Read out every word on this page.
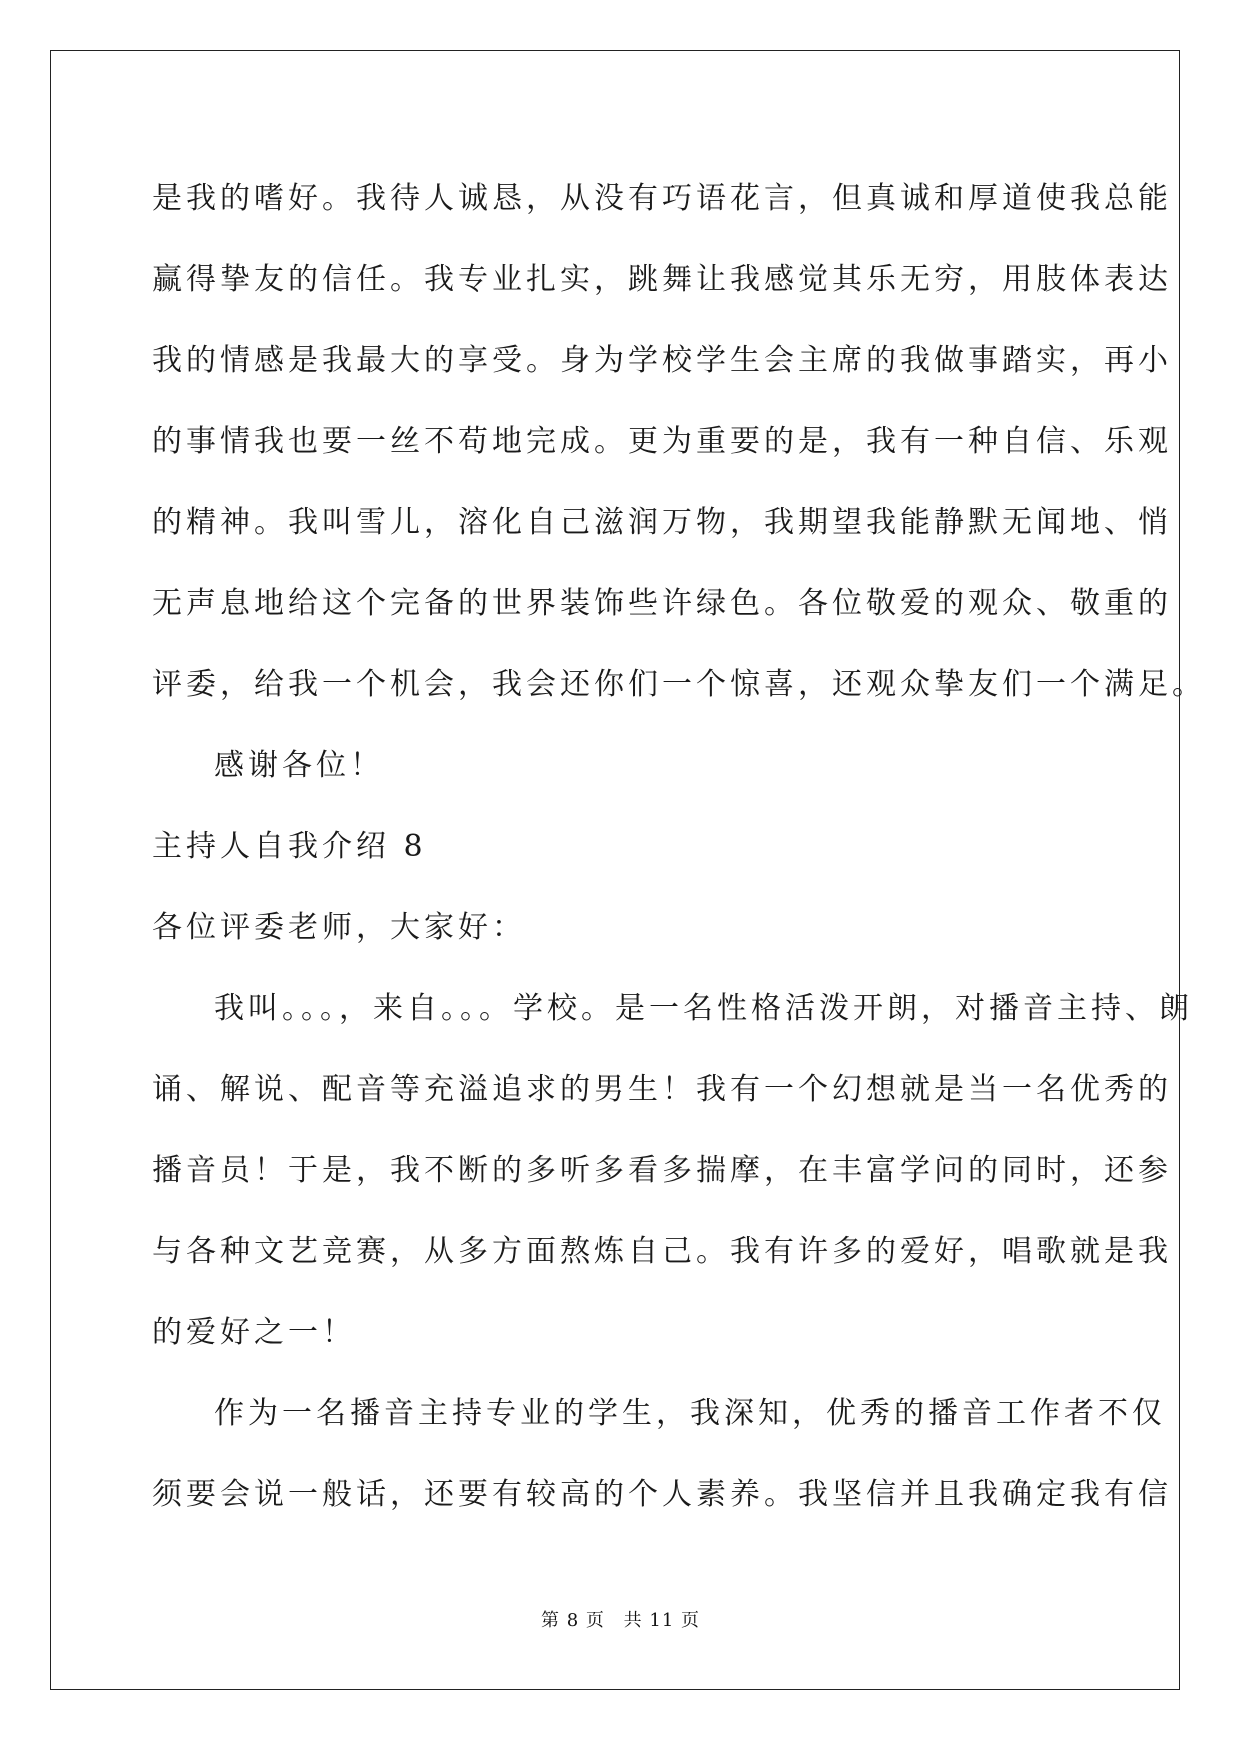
是我的嗜好。我待人诚恳，从没有巧语花言，但真诚和厚道使我总能
赢得挚友的信任。我专业扎实，跳舞让我感觉其乐无穷，用肢体表达
我的情感是我最大的享受。身为学校学生会主席的我做事踏实，再小
的事情我也要一丝不苟地完成。更为重要的是，我有一种自信、乐观
的精神。我叫雪儿，溶化自己滋润万物，我期望我能静默无闻地、悄
无声息地给这个完备的世界装饰些许绿色。各位敬爱的观众、敬重的
评委，给我一个机会，我会还你们一个惊喜，还观众挚友们一个满足。
感谢各位！
主持人自我介绍 8
各位评委老师，大家好：
我叫。。。，来自。。。学校。是一名性格活泼开朗，对播音主持、朗
诵、解说、配音等充溢追求的男生！我有一个幻想就是当一名优秀的
播音员！于是，我不断的多听多看多揣摩，在丰富学问的同时，还参
与各种文艺竞赛，从多方面熬炼自己。我有许多的爱好，唱歌就是我
的爱好之一！
作为一名播音主持专业的学生，我深知，优秀的播音工作者不仅
须要会说一般话，还要有较高的个人素养。我坚信并且我确定我有信
第 8 页 共 11 页
